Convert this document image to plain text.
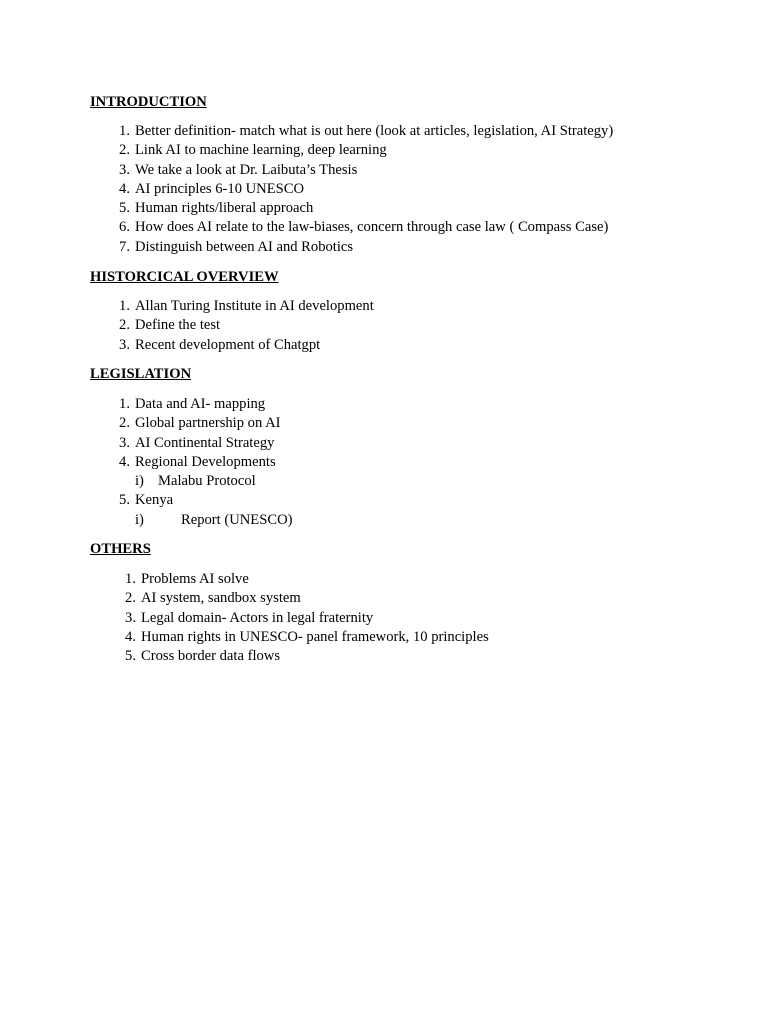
INTRODUCTION
1. Better definition- match what is out here (look at articles, legislation, AI Strategy)
2. Link AI to machine learning, deep learning
3. We take a look at Dr. Laibuta’s Thesis
4. AI principles 6-10 UNESCO
5. Human rights/liberal approach
6. How does AI relate to the law-biases, concern through case law ( Compass Case)
7. Distinguish between AI and Robotics
HISTORCICAL OVERVIEW
1. Allan Turing Institute in AI development
2. Define the test
3. Recent development of Chatgpt
LEGISLATION
1. Data and AI- mapping
2. Global partnership on AI
3. AI Continental Strategy
4. Regional Developments
i) Malabu Protocol
5. Kenya
i)	Report (UNESCO)
OTHERS
1. Problems AI solve
2. AI system, sandbox system
3. Legal domain- Actors in legal fraternity
4. Human rights in UNESCO- panel framework, 10 principles
5. Cross border data flows
